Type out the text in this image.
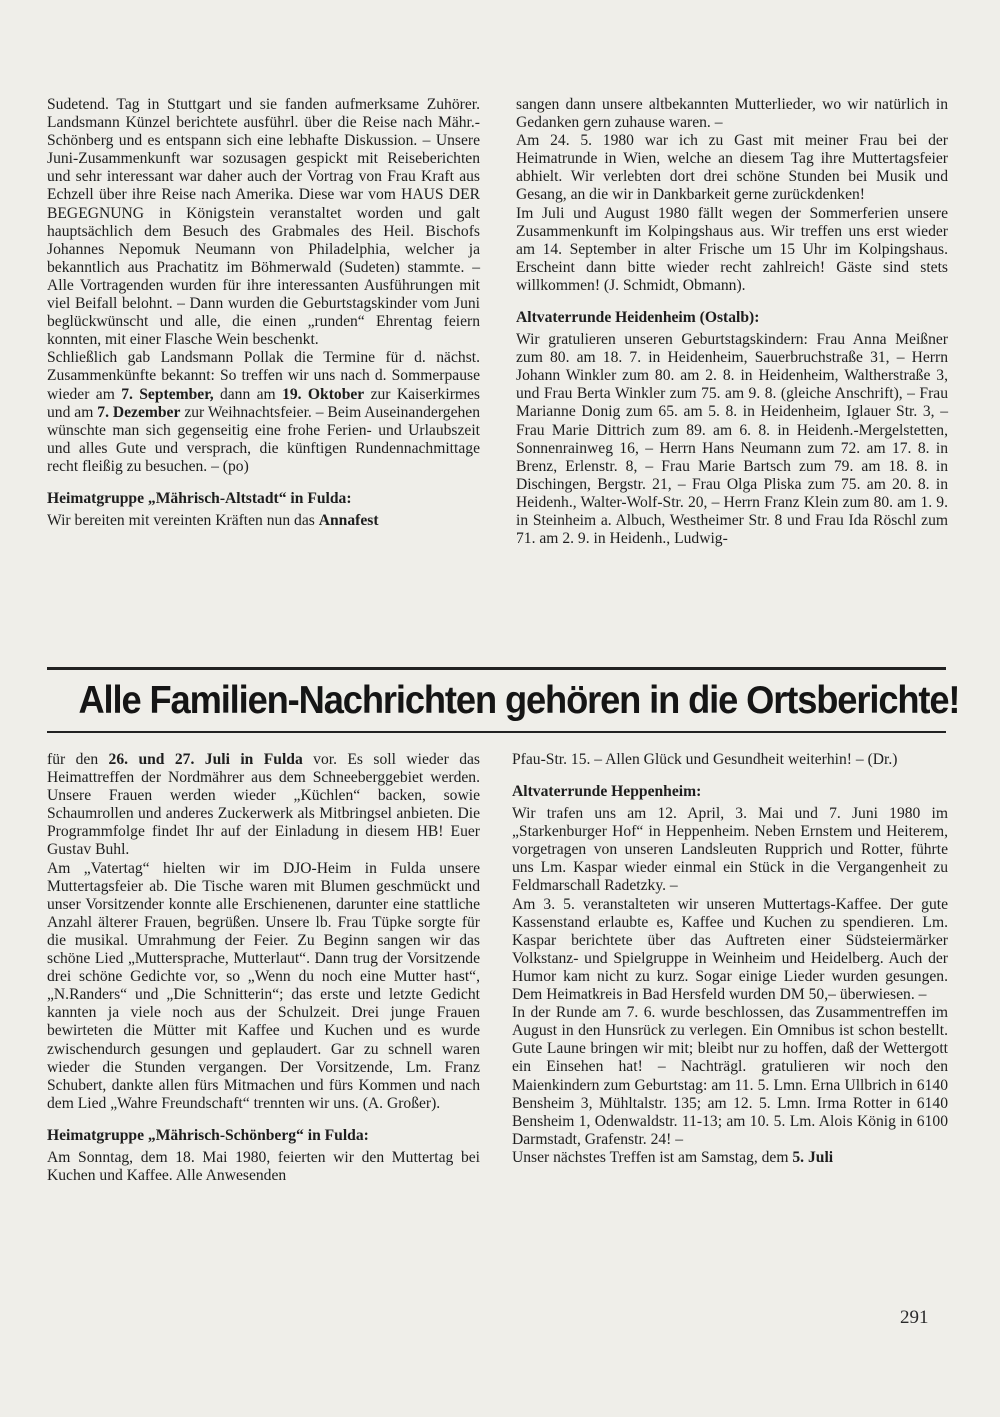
Sudetend. Tag in Stuttgart und sie fanden aufmerksame Zuhörer. Landsmann Künzel berichtete ausführl. über die Reise nach Mähr.-Schönberg und es entspann sich eine lebhafte Diskussion. – Unsere Juni-Zusammenkunft war sozusagen gespickt mit Reiseberichten und sehr interessant war daher auch der Vortrag von Frau Kraft aus Echzell über ihre Reise nach Amerika. Diese war vom HAUS DER BEGEGNUNG in Königstein veranstaltet worden und galt hauptsächlich dem Besuch des Grabmales des Heil. Bischofs Johannes Nepomuk Neumann von Philadelphia, welcher ja bekanntlich aus Prachatitz im Böhmerwald (Sudeten) stammte. – Alle Vortragenden wurden für ihre interessanten Ausführungen mit viel Beifall belohnt. – Dann wurden die Geburtstagskinder vom Juni beglückwünscht und alle, die einen „runden“ Ehrentag feiern konnten, mit einer Flasche Wein beschenkt.

Schließlich gab Landsmann Pollak die Termine für d. nächst. Zusammenkünfte bekannt: So treffen wir uns nach d. Sommerpause wieder am 7. September, dann am 19. Oktober zur Kaiserkirmes und am 7. Dezember zur Weihnachtsfeier. – Beim Auseinandergehen wünschte man sich gegenseitig eine frohe Ferien- und Urlaubszeit und alles Gute und versprach, die künftigen Rundennachmittage recht fleißig zu besuchen. – (po)

Heimatgruppe „Mährisch-Altstadt“ in Fulda:

Wir bereiten mit vereinten Kräften nun das Annafest

sangen dann unsere altbekannten Mutterlieder, wo wir natürlich in Gedanken gern zuhause waren. –

Am 24. 5. 1980 war ich zu Gast mit meiner Frau bei der Heimatrunde in Wien, welche an diesem Tag ihre Muttertagsfeier abhielt. Wir verlebten dort drei schöne Stunden bei Musik und Gesang, an die wir in Dankbarkeit gerne zurückdenken!

Im Juli und August 1980 fällt wegen der Sommerferien unsere Zusammenkunft im Kolpingshaus aus. Wir treffen uns erst wieder am 14. September in alter Frische um 15 Uhr im Kolpingshaus. Erscheint dann bitte wieder recht zahlreich! Gäste sind stets willkommen! (J. Schmidt, Obmann).

Altvaterrunde Heidenheim (Ostalb):

Wir gratulieren unseren Geburtstagskindern: Frau Anna Meißner zum 80. am 18. 7. in Heidenheim, Sauerbruchstraße 31, – Herrn Johann Winkler zum 80. am 2. 8. in Heidenheim, Waltherstraße 3, und Frau Berta Winkler zum 75. am 9. 8. (gleiche Anschrift), – Frau Marianne Donig zum 65. am 5. 8. in Heidenheim, Iglauer Str. 3, – Frau Marie Dittrich zum 89. am 6. 8. in Heidenh.-Mergelstetten, Sonnenrainweg 16, – Herrn Hans Neumann zum 72. am 17. 8. in Brenz, Erlenstr. 8, – Frau Marie Bartsch zum 79. am 18. 8. in Dischingen, Bergstr. 21, – Frau Olga Pliska zum 75. am 20. 8. in Heidenh., Walter-Wolf-Str. 20, – Herrn Franz Klein zum 80. am 1. 9. in Steinheim a. Albuch, Westheimer Str. 8 und Frau Ida Röschl zum 71. am 2. 9. in Heidenh., Ludwig-

Alle Familien-Nachrichten gehören in die Ortsberichte!

für den 26. und 27. Juli in Fulda vor. Es soll wieder das Heimattreffen der Nordmährer aus dem Schneeberggebiet werden. Unsere Frauen werden wieder „Küchlen“ backen, sowie Schaumrollen und anderes Zuckerwerk als Mitbringsel anbieten. Die Programmfolge findet Ihr auf der Einladung in diesem HB! Euer Gustav Buhl.

Am „Vatertag“ hielten wir im DJO-Heim in Fulda unsere Muttertagsfeier ab. Die Tische waren mit Blumen geschmückt und unser Vorsitzender konnte alle Erschienenen, darunter eine stattliche Anzahl älterer Frauen, begrüßen. Unsere lb. Frau Tüpke sorgte für die musikal. Umrahmung der Feier. Zu Beginn sangen wir das schöne Lied „Muttersprache, Mutterlaut“. Dann trug der Vorsitzende drei schöne Gedichte vor, so „Wenn du noch eine Mutter hast“, „N.Randers“ und „Die Schnitterin“; das erste und letzte Gedicht kannten ja viele noch aus der Schulzeit. Drei junge Frauen bewirteten die Mütter mit Kaffee und Kuchen und es wurde zwischendurch gesungen und geplaudert. Gar zu schnell waren wieder die Stunden vergangen. Der Vorsitzende, Lm. Franz Schubert, dankte allen fürs Mitmachen und fürs Kommen und nach dem Lied „Wahre Freundschaft“ trennten wir uns. (A. Großer).

Heimatgruppe „Mährisch-Schönberg“ in Fulda:

Am Sonntag, dem 18. Mai 1980, feierten wir den Muttertag bei Kuchen und Kaffee. Alle Anwesenden

Pfau-Str. 15. – Allen Glück und Gesundheit weiterhin! – (Dr.)

Altvaterrunde Heppenheim:

Wir trafen uns am 12. April, 3. Mai und 7. Juni 1980 im „Starkenburger Hof“ in Heppenheim. Neben Ernstem und Heiterem, vorgetragen von unseren Landsleuten Rupprich und Rotter, führte uns Lm. Kaspar wieder einmal ein Stück in die Vergangenheit zu Feldmarschall Radetzky. –

Am 3. 5. veranstalteten wir unseren Muttertags-Kaffee. Der gute Kassenstand erlaubte es, Kaffee und Kuchen zu spendieren. Lm. Kaspar berichtete über das Auftreten einer Südsteiermärker Volkstanz- und Spielgruppe in Weinheim und Heidelberg. Auch der Humor kam nicht zu kurz. Sogar einige Lieder wurden gesungen. Dem Heimatkreis in Bad Hersfeld wurden DM 50,– überwiesen. –

In der Runde am 7. 6. wurde beschlossen, das Zusammentreffen im August in den Hunsrück zu verlegen. Ein Omnibus ist schon bestellt. Gute Laune bringen wir mit; bleibt nur zu hoffen, daß der Wettergott ein Einsehen hat! – Nachträgl. gratulieren wir noch den Maienkindern zum Geburtstag: am 11. 5. Lmn. Erna Ullbrich in 6140 Bensheim 3, Mühltalstr. 135; am 12. 5. Lmn. Irma Rotter in 6140 Bensheim 1, Odenwaldstr. 11-13; am 10. 5. Lm. Alois König in 6100 Darmstadt, Grafenstr. 24! –

Unser nächstes Treffen ist am Samstag, dem 5. Juli

291
